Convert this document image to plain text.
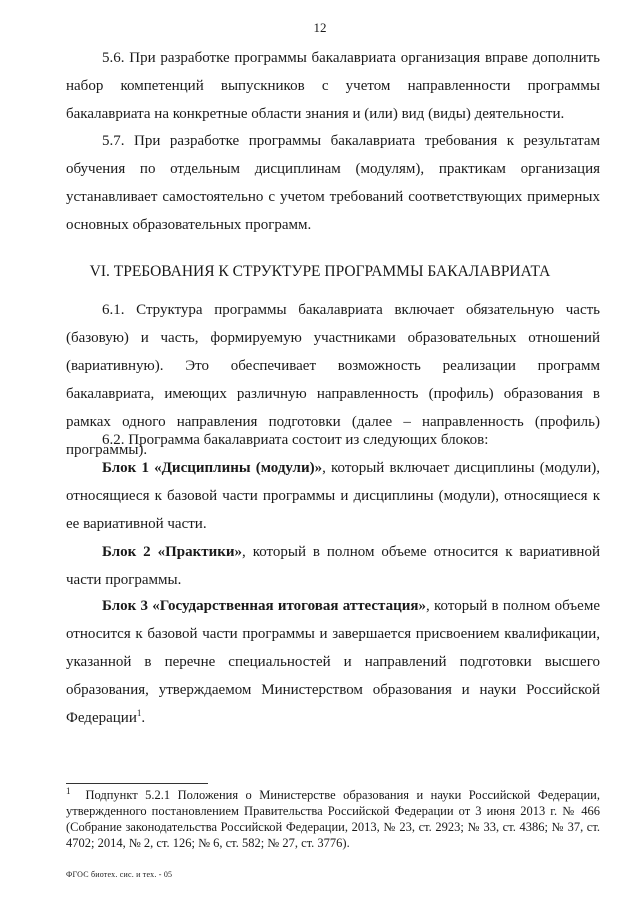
12
5.6. При разработке программы бакалавриата организация вправе дополнить набор компетенций выпускников с учетом направленности программы бакалавриата на конкретные области знания и (или) вид (виды) деятельности.
5.7. При разработке программы бакалавриата требования к результатам обучения по отдельным дисциплинам (модулям), практикам организация устанавливает самостоятельно с учетом требований соответствующих примерных основных образовательных программ.
VI. ТРЕБОВАНИЯ К СТРУКТУРЕ ПРОГРАММЫ БАКАЛАВРИАТА
6.1. Структура программы бакалавриата включает обязательную часть (базовую) и часть, формируемую участниками образовательных отношений (вариативную). Это обеспечивает возможность реализации программ бакалавриата, имеющих различную направленность (профиль) образования в рамках одного направления подготовки (далее – направленность (профиль) программы).
6.2. Программа бакалавриата состоит из следующих блоков:
Блок 1 «Дисциплины (модули)», который включает дисциплины (модули), относящиеся к базовой части программы и дисциплины (модули), относящиеся к ее вариативной части.
Блок 2 «Практики», который в полном объеме относится к вариативной части программы.
Блок 3 «Государственная итоговая аттестация», который в полном объеме относится к базовой части программы и завершается присвоением квалификации, указанной в перечне специальностей и направлений подготовки высшего образования, утверждаемом Министерством образования и науки Российской Федерации$^1$.
$^1$ Подпункт 5.2.1 Положения о Министерстве образования и науки Российской Федерации, утвержденного постановлением Правительства Российской Федерации от 3 июня 2013 г. № 466 (Собрание законодательства Российской Федерации, 2013, № 23, ст. 2923; № 33, ст. 4386; № 37, ст. 4702; 2014, № 2, ст. 126; № 6, ст. 582; № 27, ст. 3776).
ФГОС биотех. сис. и тех. - 05
